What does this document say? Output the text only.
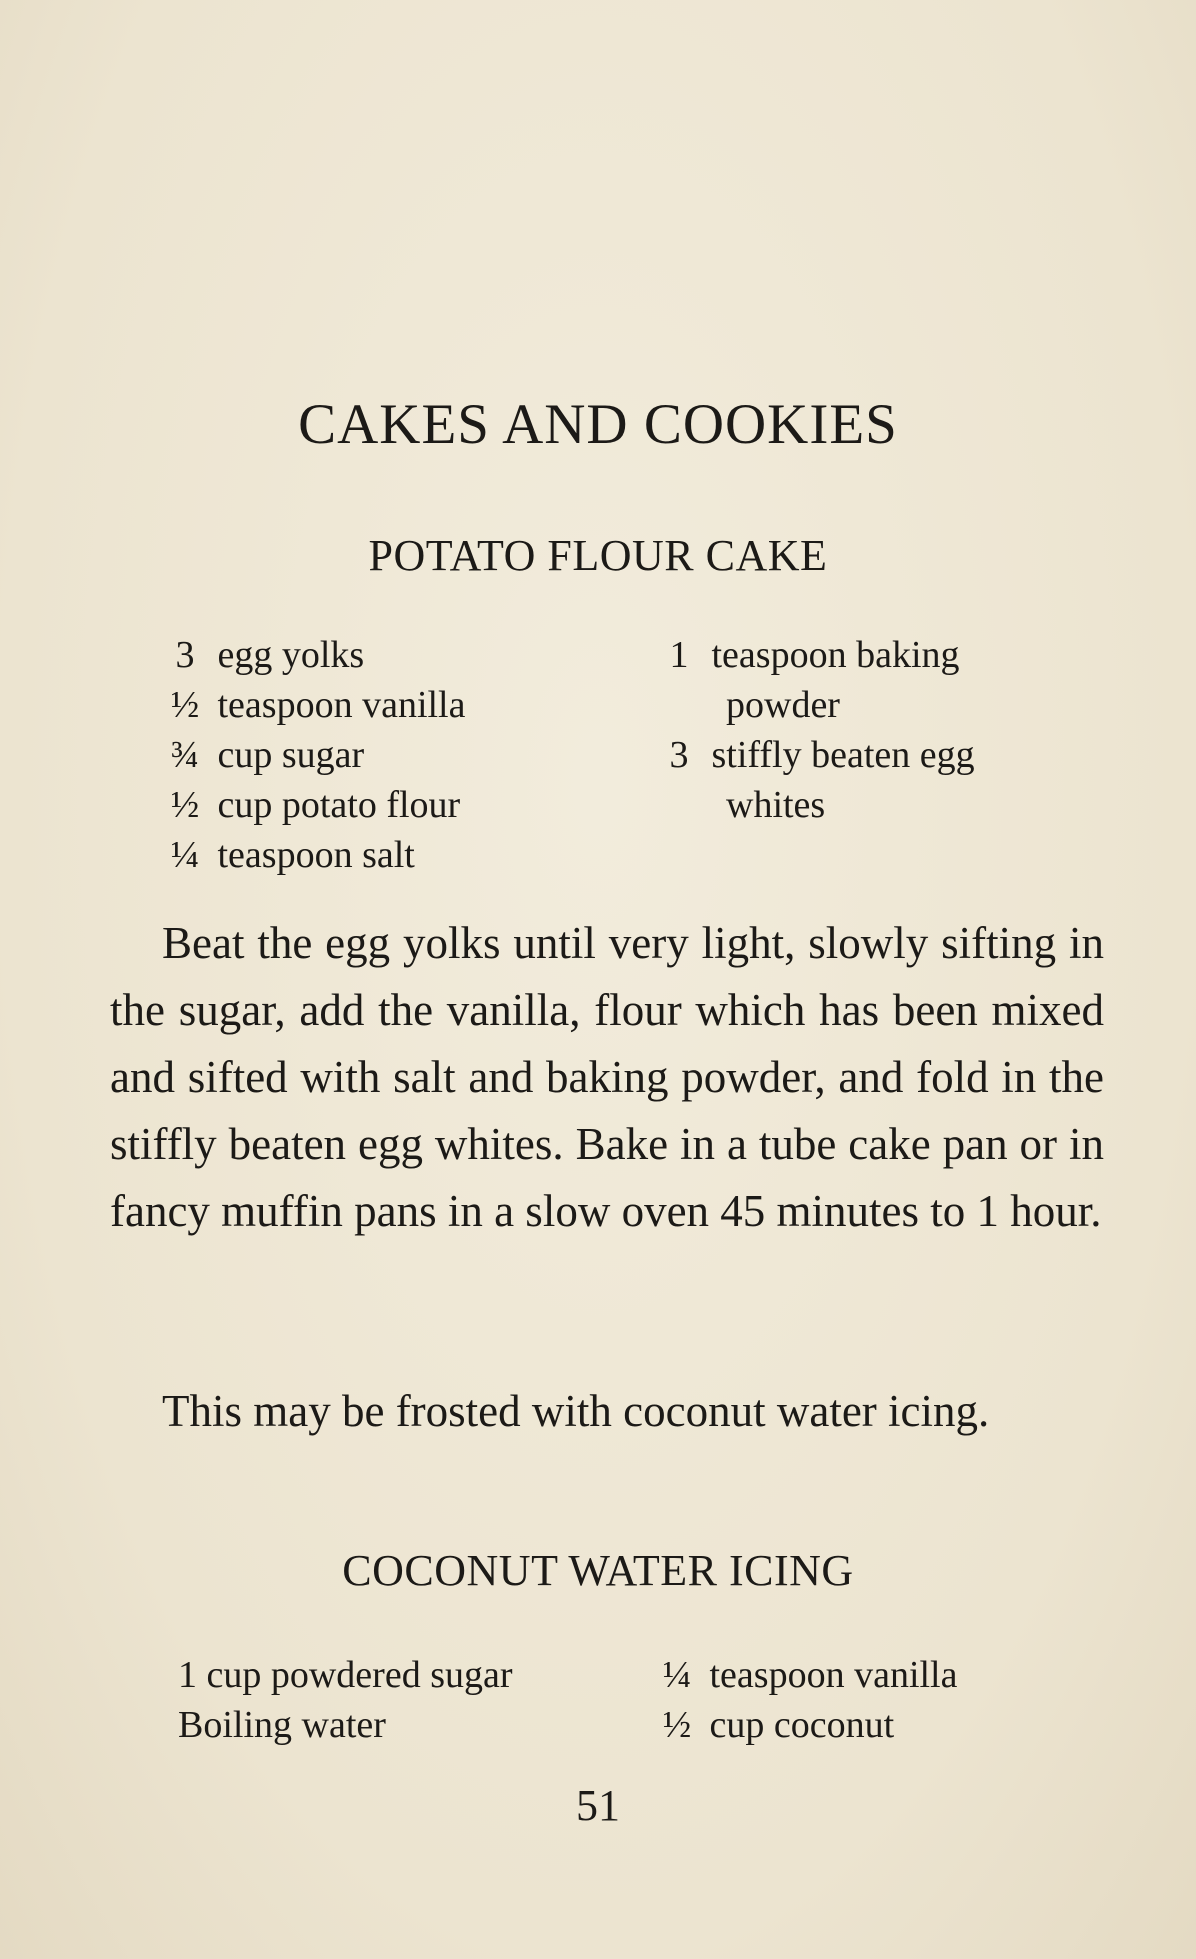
CAKES AND COOKIES
POTATO FLOUR CAKE
3 egg yolks
½ teaspoon vanilla
¾ cup sugar
½ cup potato flour
¼ teaspoon salt
1 teaspoon baking
powder
3 stiffly beaten egg
whites

Beat the egg yolks until very light, slowly sifting in the sugar, add the vanilla, flour which has been mixed and sifted with salt and baking powder, and fold in the stiffly beaten egg whites. Bake in a tube cake pan or in fancy muffin pans in a slow oven 45 minutes to 1 hour.

This may be frosted with coconut water icing.

COCONUT WATER ICING
1 cup powdered sugar
Boiling water
¼ teaspoon vanilla
½ cup coconut
51
